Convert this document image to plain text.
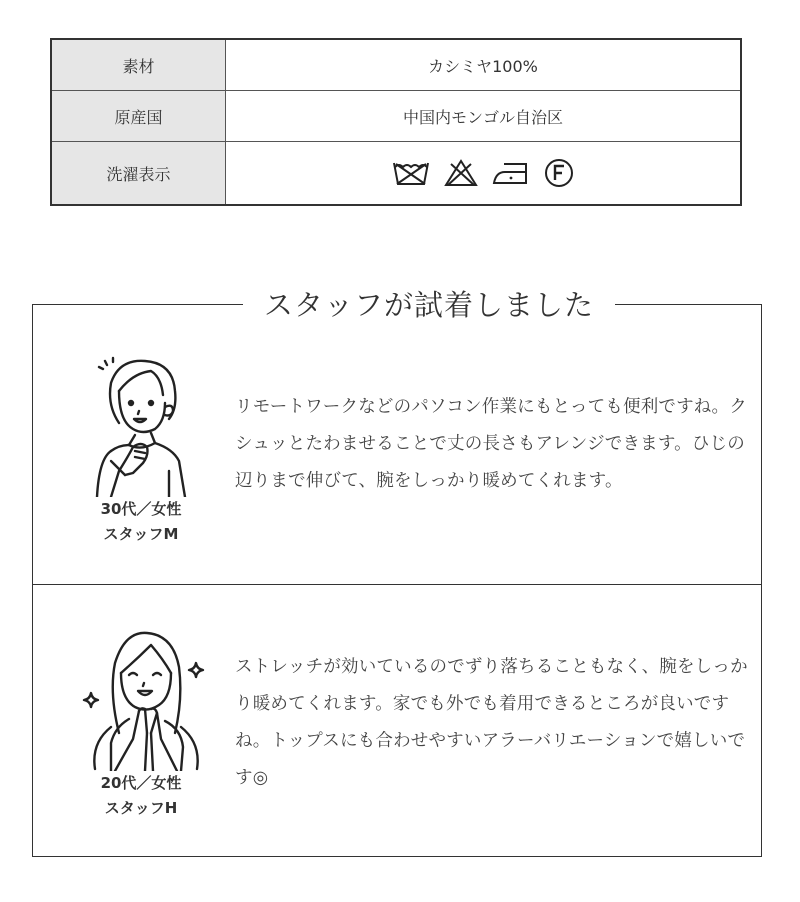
素材	カシミヤ100%
原産国	中国内モンゴル自治区
洗濯表示
スタッフが試着しました
30代／女性
スタッフM
リモートワークなどのパソコン作業にもとっても便利ですね。クシュッとたわませることで丈の長さもアレンジできます。ひじの辺りまで伸びて、腕をしっかり暖めてくれます。
20代／女性
スタッフH
ストレッチが効いているのでずり落ちることもなく、腕をしっかり暖めてくれます。家でも外でも着用できるところが良いですね。トップスにも合わせやすいアラーバリエーションで嬉しいです◎
